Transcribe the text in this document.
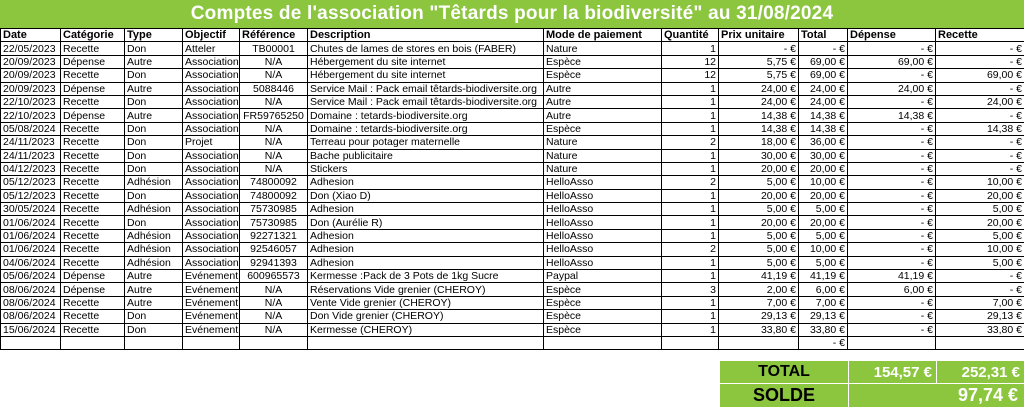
Comptes de l'association "Têtards pour la biodiversité" au 31/08/2024
Date	Catégorie	Type	Objectif	Référence	Description	Mode de paiement	Quantité	Prix unitaire	Total	Dépense	Recette
22/05/2023	Recette	Don	Atteler	TB00001	Chutes de lames de stores en bois (FABER)	Nature	1	- €	- €	- €	- €
20/09/2023	Dépense	Autre	Association	N/A	Hébergement du site internet	Espèce	12	5,75 €	69,00 €	69,00 €	- €
20/09/2023	Recette	Don	Association	N/A	Hébergement du site internet	Espèce	12	5,75 €	69,00 €	- €	69,00 €
20/09/2023	Dépense	Autre	Association	5088446	Service Mail : Pack email têtards-biodiversite.org	Autre	1	24,00 €	24,00 €	24,00 €	- €
22/10/2023	Recette	Don	Association	N/A	Service Mail : Pack email têtards-biodiversite.org	Autre	1	24,00 €	24,00 €	- €	24,00 €
22/10/2023	Dépense	Autre	Association	FR59765250	Domaine : tetards-biodiversite.org	Autre	1	14,38 €	14,38 €	14,38 €	- €
05/08/2024	Recette	Don	Association	N/A	Domaine : tetards-biodiversite.org	Espèce	1	14,38 €	14,38 €	- €	14,38 €
24/11/2023	Recette	Don	Projet	N/A	Terreau pour potager maternelle	Nature	2	18,00 €	36,00 €	- €	- €
24/11/2023	Recette	Don	Association	N/A	Bache publicitaire	Nature	1	30,00 €	30,00 €	- €	- €
04/12/2023	Recette	Don	Association	N/A	Stickers	Nature	1	20,00 €	20,00 €	- €	- €
05/12/2023	Recette	Adhésion	Association	74800092	Adhesion	HelloAsso	2	5,00 €	10,00 €	- €	10,00 €
05/12/2023	Recette	Don	Association	74800092	Don (Xiao D)	HelloAsso	1	20,00 €	20,00 €	- €	20,00 €
30/05/2024	Recette	Adhésion	Association	75730985	Adhesion	HelloAsso	1	5,00 €	5,00 €	- €	5,00 €
01/06/2024	Recette	Don	Association	75730985	Don (Aurélie R)	HelloAsso	1	20,00 €	20,00 €	- €	20,00 €
01/06/2024	Recette	Adhésion	Association	92271321	Adhesion	HelloAsso	1	5,00 €	5,00 €	- €	5,00 €
01/06/2024	Recette	Adhésion	Association	92546057	Adhesion	HelloAsso	2	5,00 €	10,00 €	- €	10,00 €
04/06/2024	Recette	Adhésion	Association	92941393	Adhesion	HelloAsso	1	5,00 €	5,00 €	- €	5,00 €
05/06/2024	Dépense	Autre	Evénement	600965573	Kermesse :Pack de 3 Pots de 1kg Sucre	Paypal	1	41,19 €	41,19 €	41,19 €	- €
08/06/2024	Dépense	Autre	Evénement	N/A	Réservations Vide grenier (CHEROY)	Espèce	3	2,00 €	6,00 €	6,00 €	- €
08/06/2024	Recette	Autre	Evénement	N/A	Vente Vide grenier (CHEROY)	Espèce	1	7,00 €	7,00 €	- €	7,00 €
08/06/2024	Recette	Don	Evénement	N/A	Don Vide grenier (CHEROY)	Espèce	1	29,13 €	29,13 €	- €	29,13 €
15/06/2024	Recette	Don	Evénement	N/A	Kermesse (CHEROY)	Espèce	1	33,80 €	33,80 €	- €	33,80 €
									- €		
TOTAL	154,57 €	252,31 €
SOLDE	97,74 €
